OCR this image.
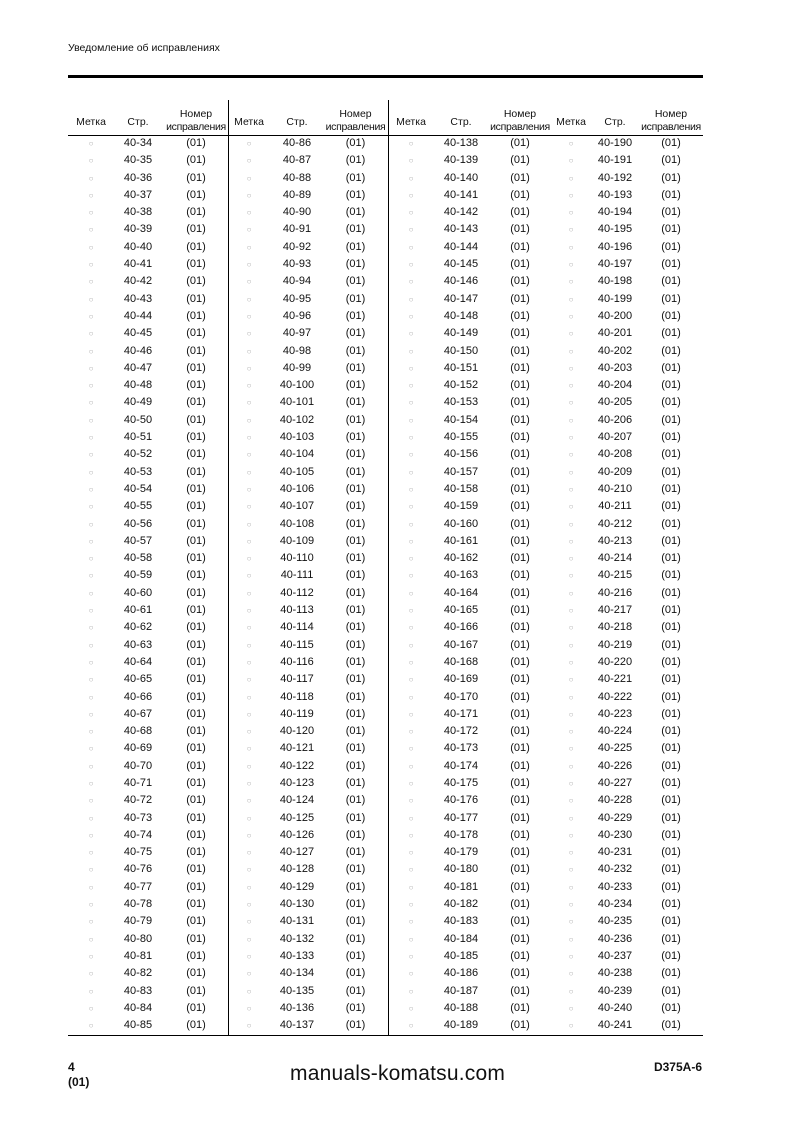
Уведомление об исправлениях
Метка	Стр.
Номер
исправления
○	40-34	(01)
○	40-35	(01)
○	40-36	(01)
○	40-37	(01)
○	40-38	(01)
○	40-39	(01)
○	40-40	(01)
○	40-41	(01)
○	40-42	(01)
○	40-43	(01)
○	40-44	(01)
○	40-45	(01)
○	40-46	(01)
○	40-47	(01)
○	40-48	(01)
○	40-49	(01)
○	40-50	(01)
○	40-51	(01)
○	40-52	(01)
○	40-53	(01)
○	40-54	(01)
○	40-55	(01)
○	40-56	(01)
○	40-57	(01)
○	40-58	(01)
○	40-59	(01)
○	40-60	(01)
○	40-61	(01)
○	40-62	(01)
○	40-63	(01)
○	40-64	(01)
○	40-65	(01)
○	40-66	(01)
○	40-67	(01)
○	40-68	(01)
○	40-69	(01)
○	40-70	(01)
○	40-71	(01)
○	40-72	(01)
○	40-73	(01)
○	40-74	(01)
○	40-75	(01)
○	40-76	(01)
○	40-77	(01)
○	40-78	(01)
○	40-79	(01)
○	40-80	(01)
○	40-81	(01)
○	40-82	(01)
○	40-83	(01)
○	40-84	(01)
○	40-85	(01)
Метка	Стр.
Номер
исправления
○	40-86	(01)
○	40-87	(01)
○	40-88	(01)
○	40-89	(01)
○	40-90	(01)
○	40-91	(01)
○	40-92	(01)
○	40-93	(01)
○	40-94	(01)
○	40-95	(01)
○	40-96	(01)
○	40-97	(01)
○	40-98	(01)
○	40-99	(01)
○	40-100	(01)
○	40-101	(01)
○	40-102	(01)
○	40-103	(01)
○	40-104	(01)
○	40-105	(01)
○	40-106	(01)
○	40-107	(01)
○	40-108	(01)
○	40-109	(01)
○	40-110	(01)
○	40-111	(01)
○	40-112	(01)
○	40-113	(01)
○	40-114	(01)
○	40-115	(01)
○	40-116	(01)
○	40-117	(01)
○	40-118	(01)
○	40-119	(01)
○	40-120	(01)
○	40-121	(01)
○	40-122	(01)
○	40-123	(01)
○	40-124	(01)
○	40-125	(01)
○	40-126	(01)
○	40-127	(01)
○	40-128	(01)
○	40-129	(01)
○	40-130	(01)
○	40-131	(01)
○	40-132	(01)
○	40-133	(01)
○	40-134	(01)
○	40-135	(01)
○	40-136	(01)
○	40-137	(01)
Метка	Стр.
Номер
исправления
○	40-138	(01)
○	40-139	(01)
○	40-140	(01)
○	40-141	(01)
○	40-142	(01)
○	40-143	(01)
○	40-144	(01)
○	40-145	(01)
○	40-146	(01)
○	40-147	(01)
○	40-148	(01)
○	40-149	(01)
○	40-150	(01)
○	40-151	(01)
○	40-152	(01)
○	40-153	(01)
○	40-154	(01)
○	40-155	(01)
○	40-156	(01)
○	40-157	(01)
○	40-158	(01)
○	40-159	(01)
○	40-160	(01)
○	40-161	(01)
○	40-162	(01)
○	40-163	(01)
○	40-164	(01)
○	40-165	(01)
○	40-166	(01)
○	40-167	(01)
○	40-168	(01)
○	40-169	(01)
○	40-170	(01)
○	40-171	(01)
○	40-172	(01)
○	40-173	(01)
○	40-174	(01)
○	40-175	(01)
○	40-176	(01)
○	40-177	(01)
○	40-178	(01)
○	40-179	(01)
○	40-180	(01)
○	40-181	(01)
○	40-182	(01)
○	40-183	(01)
○	40-184	(01)
○	40-185	(01)
○	40-186	(01)
○	40-187	(01)
○	40-188	(01)
○	40-189	(01)
Метка	Стр.
Номер
исправления
○	40-190	(01)
○	40-191	(01)
○	40-192	(01)
○	40-193	(01)
○	40-194	(01)
○	40-195	(01)
○	40-196	(01)
○	40-197	(01)
○	40-198	(01)
○	40-199	(01)
○	40-200	(01)
○	40-201	(01)
○	40-202	(01)
○	40-203	(01)
○	40-204	(01)
○	40-205	(01)
○	40-206	(01)
○	40-207	(01)
○	40-208	(01)
○	40-209	(01)
○	40-210	(01)
○	40-211	(01)
○	40-212	(01)
○	40-213	(01)
○	40-214	(01)
○	40-215	(01)
○	40-216	(01)
○	40-217	(01)
○	40-218	(01)
○	40-219	(01)
○	40-220	(01)
○	40-221	(01)
○	40-222	(01)
○	40-223	(01)
○	40-224	(01)
○	40-225	(01)
○	40-226	(01)
○	40-227	(01)
○	40-228	(01)
○	40-229	(01)
○	40-230	(01)
○	40-231	(01)
○	40-232	(01)
○	40-233	(01)
○	40-234	(01)
○	40-235	(01)
○	40-236	(01)
○	40-237	(01)
○	40-238	(01)
○	40-239	(01)
○	40-240	(01)
○	40-241	(01)
manuals-komatsu.com
4
(01)
D375A-6
